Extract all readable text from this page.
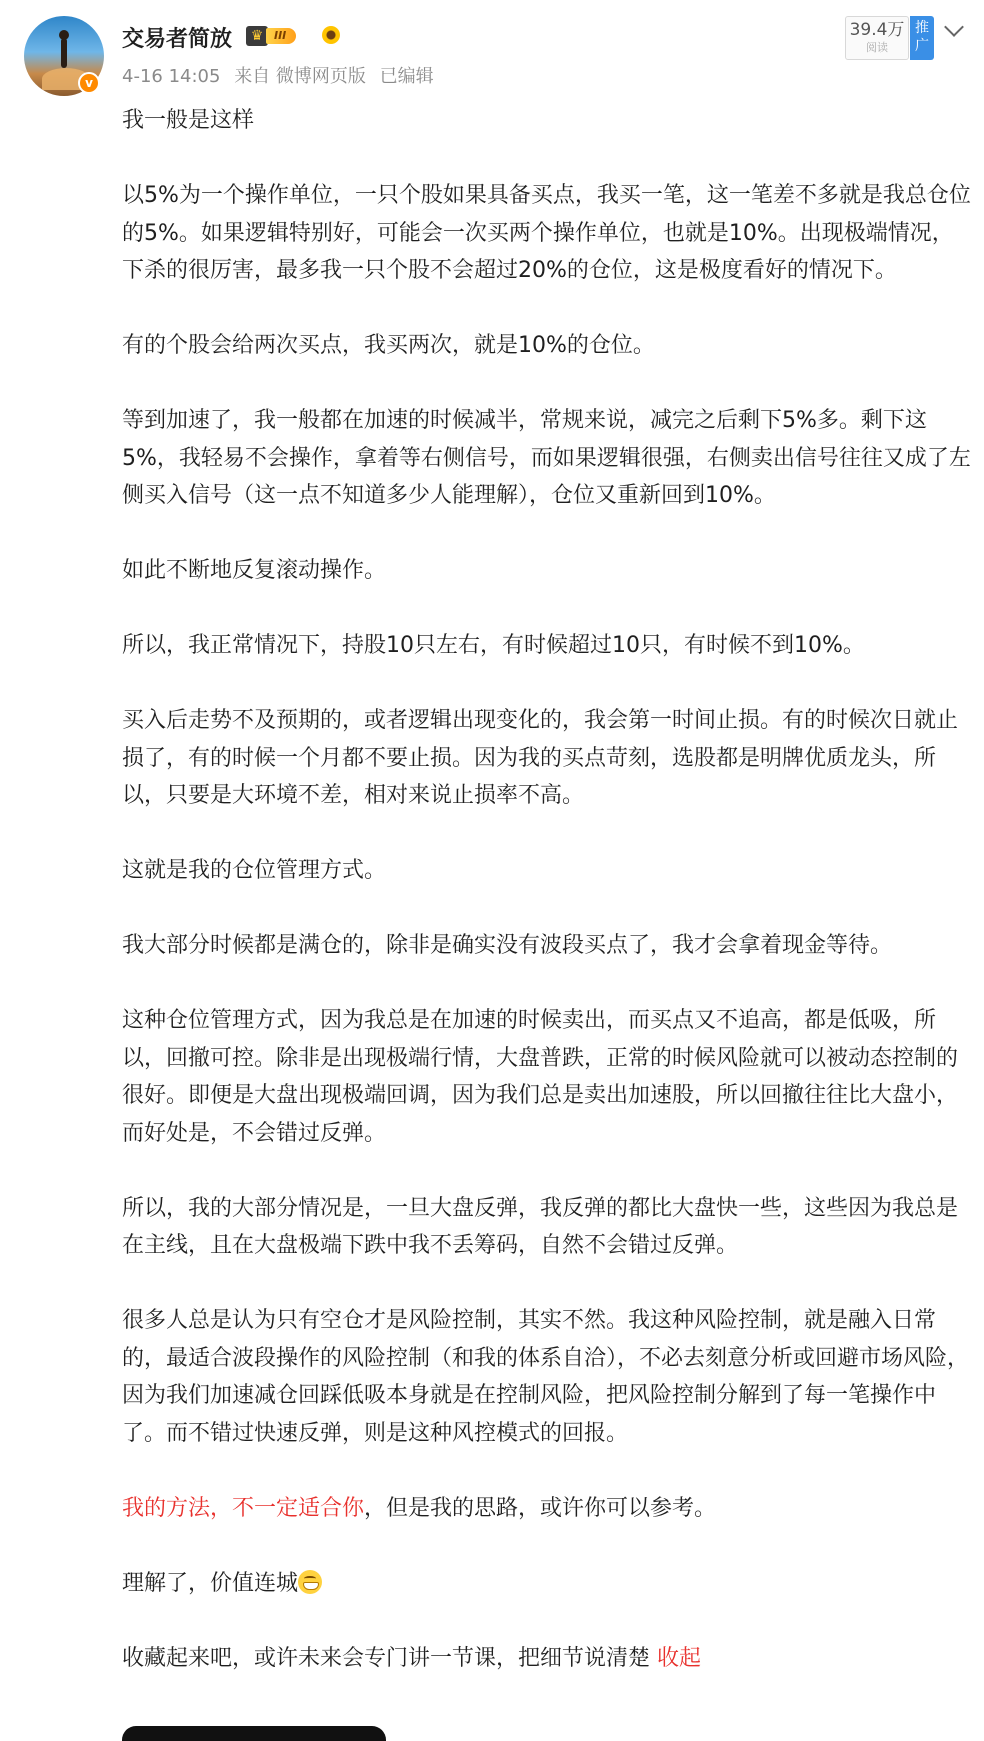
v
交易者简放	♛ III
4-16 14:05 来自 微博网页版 已编辑
39.4万
阅读
推广

我一般是这样

以5%为一个操作单位，一只个股如果具备买点，我买一笔，这一笔差不多就是我总仓位的5%。如果逻辑特别好，可能会一次买两个操作单位，也就是10%。出现极端情况，下杀的很厉害，最多我一只个股不会超过20%的仓位，这是极度看好的情况下。

有的个股会给两次买点，我买两次，就是10%的仓位。

等到加速了，我一般都在加速的时候减半，常规来说，减完之后剩下5%多。剩下这5%，我轻易不会操作，拿着等右侧信号，而如果逻辑很强，右侧卖出信号往往又成了左侧买入信号（这一点不知道多少人能理解），仓位又重新回到10%。

如此不断地反复滚动操作。

所以，我正常情况下，持股10只左右，有时候超过10只，有时候不到10%。

买入后走势不及预期的，或者逻辑出现变化的，我会第一时间止损。有的时候次日就止损了，有的时候一个月都不要止损。因为我的买点苛刻，选股都是明牌优质龙头，所以，只要是大环境不差，相对来说止损率不高。

这就是我的仓位管理方式。

我大部分时候都是满仓的，除非是确实没有波段买点了，我才会拿着现金等待。

这种仓位管理方式，因为我总是在加速的时候卖出，而买点又不追高，都是低吸，所以，回撤可控。除非是出现极端行情，大盘普跌，正常的时候风险就可以被动态控制的很好。即便是大盘出现极端回调，因为我们总是卖出加速股，所以回撤往往比大盘小，而好处是，不会错过反弹。

所以，我的大部分情况是，一旦大盘反弹，我反弹的都比大盘快一些，这些因为我总是在主线，且在大盘极端下跌中我不丢筹码，自然不会错过反弹。

很多人总是认为只有空仓才是风险控制，其实不然。我这种风险控制，就是融入日常的，最适合波段操作的风险控制（和我的体系自洽），不必去刻意分析或回避市场风险，因为我们加速减仓回踩低吸本身就是在控制风险，把风险控制分解到了每一笔操作中了。而不错过快速反弹，则是这种风控模式的回报。

我的方法，不一定适合你，但是我的思路，或许你可以参考。

理解了，价值连城

收藏起来吧，或许未来会专门讲一节课，把细节说清楚 收起
